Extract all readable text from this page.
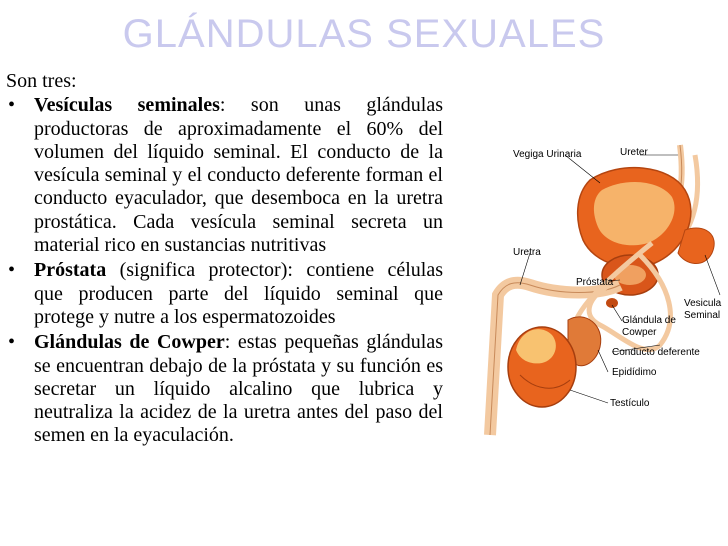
GLÁNDULAS SEXUALES
Son tres:
• Vesículas seminales: son unas glándulas productoras de aproximadamente el 60% del volumen del líquido seminal. El conducto de la vesícula seminal y el conducto deferente forman el conducto eyaculador, que desemboca en la uretra prostática. Cada vesícula seminal secreta un material rico en sustancias nutritivas
• Próstata (significa protector): contiene células que producen parte del líquido seminal que protege y nutre a los espermatozoides
• Glándulas de Cowper: estas pequeñas glándulas se encuentran debajo de la próstata y su función es secretar un líquido alcalino que lubrica y neutraliza la acidez de la uretra antes del paso del semen en la eyaculación.
Vegiga Urinaria	Ureter
Uretra
Próstata
Vesicula
Seminal
Glándula de
Cowper
Conducto deferente
Epidídimo
Testículo
